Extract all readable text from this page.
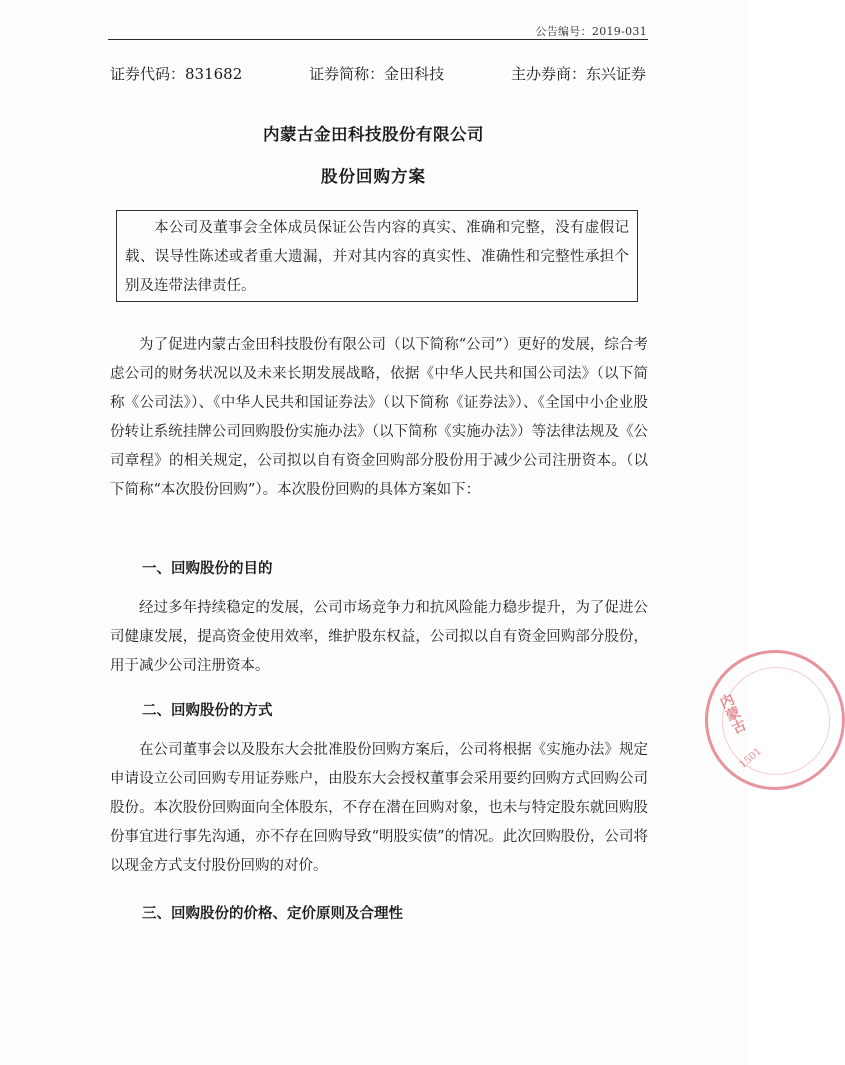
公告编号：2019-031
证券代码：831682	证券简称：金田科技	主办券商：东兴证券
内蒙古金田科技股份有限公司
股份回购方案
本公司及董事会全体成员保证公告内容的真实、准确和完整，没有虚假记载、误导性陈述或者重大遗漏，并对其内容的真实性、准确性和完整性承担个别及连带法律责任。

为了促进内蒙古金田科技股份有限公司（以下简称“公司”）更好的发展，综合考虑公司的财务状况以及未来长期发展战略，依据《中华人民共和国公司法》（以下简称《公司法》）、《中华人民共和国证券法》（以下简称《证券法》）、《全国中小企业股份转让系统挂牌公司回购股份实施办法》（以下简称《实施办法》）等法律法规及《公司章程》的相关规定，公司拟以自有资金回购部分股份用于减少公司注册资本。（以下简称“本次股份回购”）。本次股份回购的具体方案如下：

一、回购股份的目的

经过多年持续稳定的发展，公司市场竞争力和抗风险能力稳步提升，为了促进公司健康发展，提高资金使用效率，维护股东权益，公司拟以自有资金回购部分股份，用于减少公司注册资本。

二、回购股份的方式

在公司董事会以及股东大会批准股份回购方案后，公司将根据《实施办法》规定申请设立公司回购专用证券账户，由股东大会授权董事会采用要约回购方式回购公司股份。本次股份回购面向全体股东，不存在潜在回购对象，也未与特定股东就回购股份事宜进行事先沟通，亦不存在回购导致“明股实债”的情况。此次回购股份，公司将以现金方式支付股份回购的对价。

三、回购股份的价格、定价原则及合理性

内蒙古
1501
